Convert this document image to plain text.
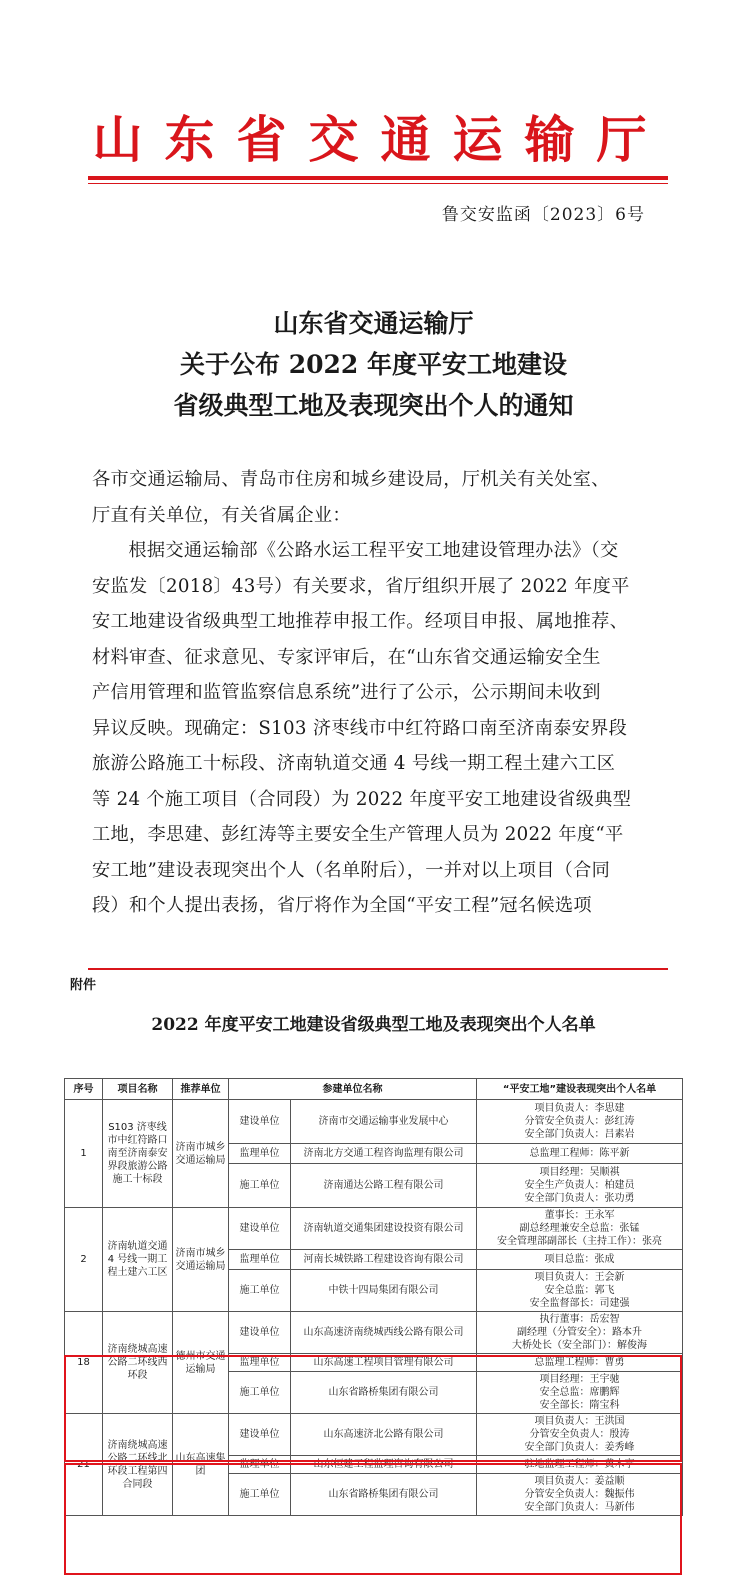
山东省交通运输厅
鲁交安监函〔2023〕6号
山东省交通运输厅
关于公布 2022 年度平安工地建设
省级典型工地及表现突出个人的通知

各市交通运输局、青岛市住房和城乡建设局，厅机关有关处室、

厅直有关单位，有关省属企业：

根据交通运输部《公路水运工程平安工地建设管理办法》（交

安监发〔2018〕43号）有关要求，省厅组织开展了 2022 年度平

安工地建设省级典型工地推荐申报工作。经项目申报、属地推荐、

材料审查、征求意见、专家评审后，在“山东省交通运输安全生

产信用管理和监管监察信息系统”进行了公示，公示期间未收到

异议反映。现确定：S103 济枣线市中红符路口南至济南泰安界段

旅游公路施工十标段、济南轨道交通 4 号线一期工程土建六工区

等 24 个施工项目（合同段）为 2022 年度平安工地建设省级典型

工地，李思建、彭红涛等主要安全生产管理人员为 2022 年度“平

安工地”建设表现突出个人（名单附后），一并对以上项目（合同

段）和个人提出表扬，省厅将作为全国“平安工程”冠名候选项

附件
2022 年度平安工地建设省级典型工地及表现突出个人名单
序号	项目名称	推荐单位	参建单位名称		“平安工地”建设表现突出个人名单
1	S103 济枣线市中红符路口南至济南泰安界段旅游公路施工十标段	济南市城乡交通运输局	建设单位	济南市交通运输事业发展中心	项目负责人：李思建
分管安全负责人：彭红涛
安全部门负责人：吕素岩

			监理单位	济南北方交通工程咨询监理有限公司	总监理工程师：陈平新

			施工单位	济南通达公路工程有限公司	项目经理：吴顺祺
安全生产负责人：柏建员
安全部门负责人：张功勇

2	济南轨道交通 4 号线一期工程土建六工区	济南市城乡交通运输局	建设单位	济南轨道交通集团建设投资有限公司	董事长：王永军
副总经理兼安全总监：张锰
安全管理部副部长（主持工作）：张亮

			监理单位	河南长城铁路工程建设咨询有限公司	项目总监：张成

			施工单位	中铁十四局集团有限公司	项目负责人：王会新
安全总监：郭飞
安全监督部长：司建强

18	济南绕城高速公路二环线西环段	德州市交通运输局	建设单位	山东高速济南绕城西线公路有限公司	执行董事：岳宏智
副经理（分管安全）：路本升
大桥处长（安全部门）：解俊海

			监理单位	山东高速工程项目管理有限公司	总监理工程师：曹勇

			施工单位	山东省路桥集团有限公司	项目经理：王宇驰
安全总监：席鹏辉
安全部长：隋宝科

21	济南绕城高速公路二环线北环段工程第四合同段	山东高速集团	建设单位	山东高速济北公路有限公司	项目负责人：王洪国
分管安全负责人：殷涛
安全部门负责人：姜秀峰

			监理单位	山东恒建工程监理咨询有限公司	驻地监理工程师：黄木亭

			施工单位	山东省路桥集团有限公司	项目负责人：姜益顺
分管安全负责人：魏振伟
安全部门负责人：马新伟
